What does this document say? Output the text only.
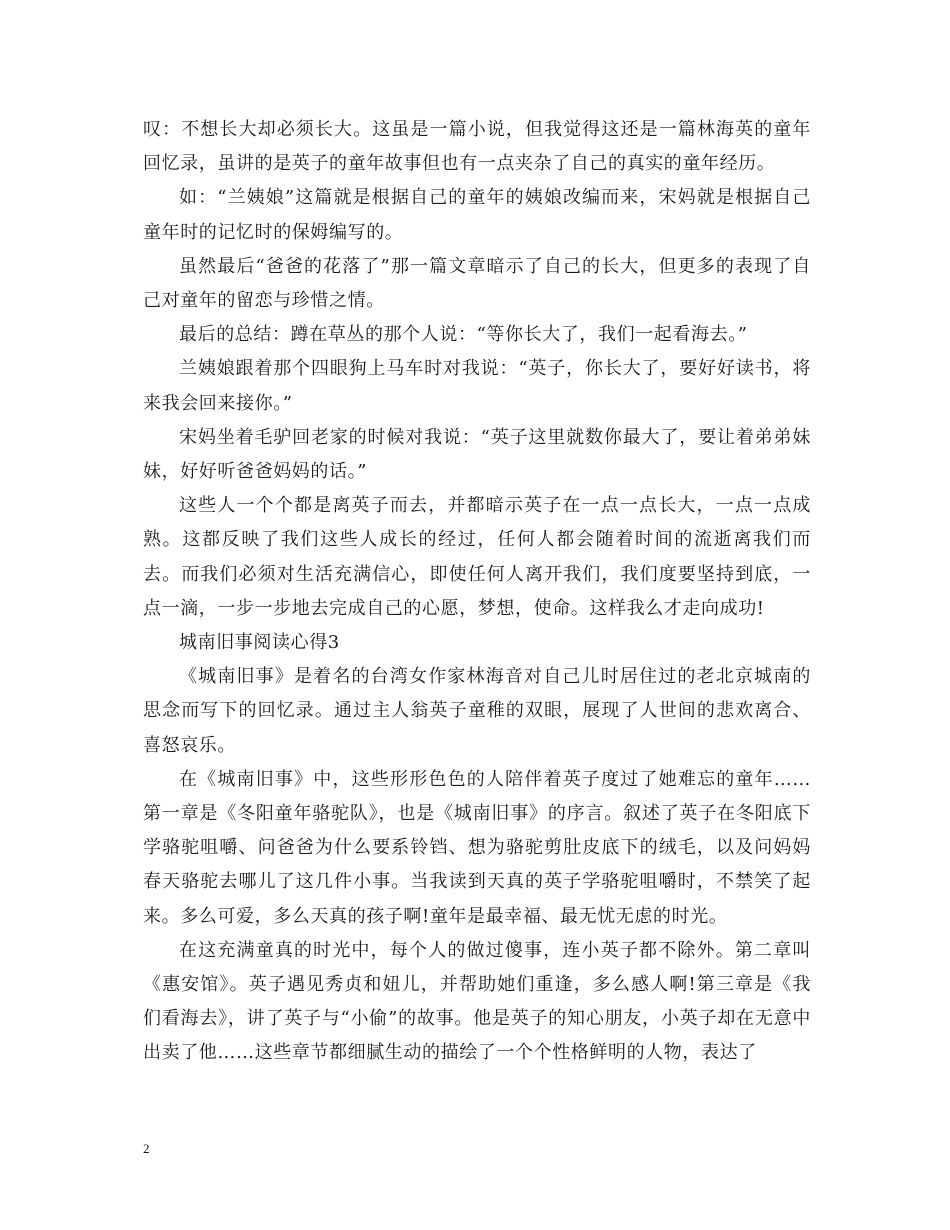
叹：不想长大却必须长大。这虽是一篇小说，但我觉得这还是一篇林海英的童年回忆录，虽讲的是英子的童年故事但也有一点夹杂了自己的真实的童年经历。

如：“兰姨娘”这篇就是根据自己的童年的姨娘改编而来，宋妈就是根据自己童年时的记忆时的保姆编写的。

虽然最后“爸爸的花落了”那一篇文章暗示了自己的长大，但更多的表现了自己对童年的留恋与珍惜之情。

最后的总结：蹲在草丛的那个人说：“等你长大了，我们一起看海去。”

兰姨娘跟着那个四眼狗上马车时对我说：“英子，你长大了，要好好读书，将来我会回来接你。”

宋妈坐着毛驴回老家的时候对我说：“英子这里就数你最大了，要让着弟弟妹妹，好好听爸爸妈妈的话。”

这些人一个个都是离英子而去，并都暗示英子在一点一点长大，一点一点成熟。这都反映了我们这些人成长的经过，任何人都会随着时间的流逝离我们而去。而我们必须对生活充满信心，即使任何人离开我们，我们度要坚持到底，一点一滴，一步一步地去完成自己的心愿，梦想，使命。这样我么才走向成功!

城南旧事阅读心得3

《城南旧事》是着名的台湾女作家林海音对自己儿时居住过的老北京城南的思念而写下的回忆录。通过主人翁英子童稚的双眼，展现了人世间的悲欢离合、喜怒哀乐。

在《城南旧事》中，这些形形色色的人陪伴着英子度过了她难忘的童年……第一章是《冬阳童年骆驼队》，也是《城南旧事》的序言。叙述了英子在冬阳底下学骆驼咀嚼、问爸爸为什么要系铃铛、想为骆驼剪肚皮底下的绒毛，以及问妈妈春天骆驼去哪儿了这几件小事。当我读到天真的英子学骆驼咀嚼时，不禁笑了起来。多么可爱，多么天真的孩子啊!童年是最幸福、最无忧无虑的时光。

在这充满童真的时光中，每个人的做过傻事，连小英子都不除外。第二章叫《惠安馆》。英子遇见秀贞和妞儿，并帮助她们重逢，多么感人啊!第三章是《我们看海去》，讲了英子与“小偷”的故事。他是英子的知心朋友，小英子却在无意中出卖了他……这些章节都细腻生动的描绘了一个个性格鲜明的人物，表达了

2
